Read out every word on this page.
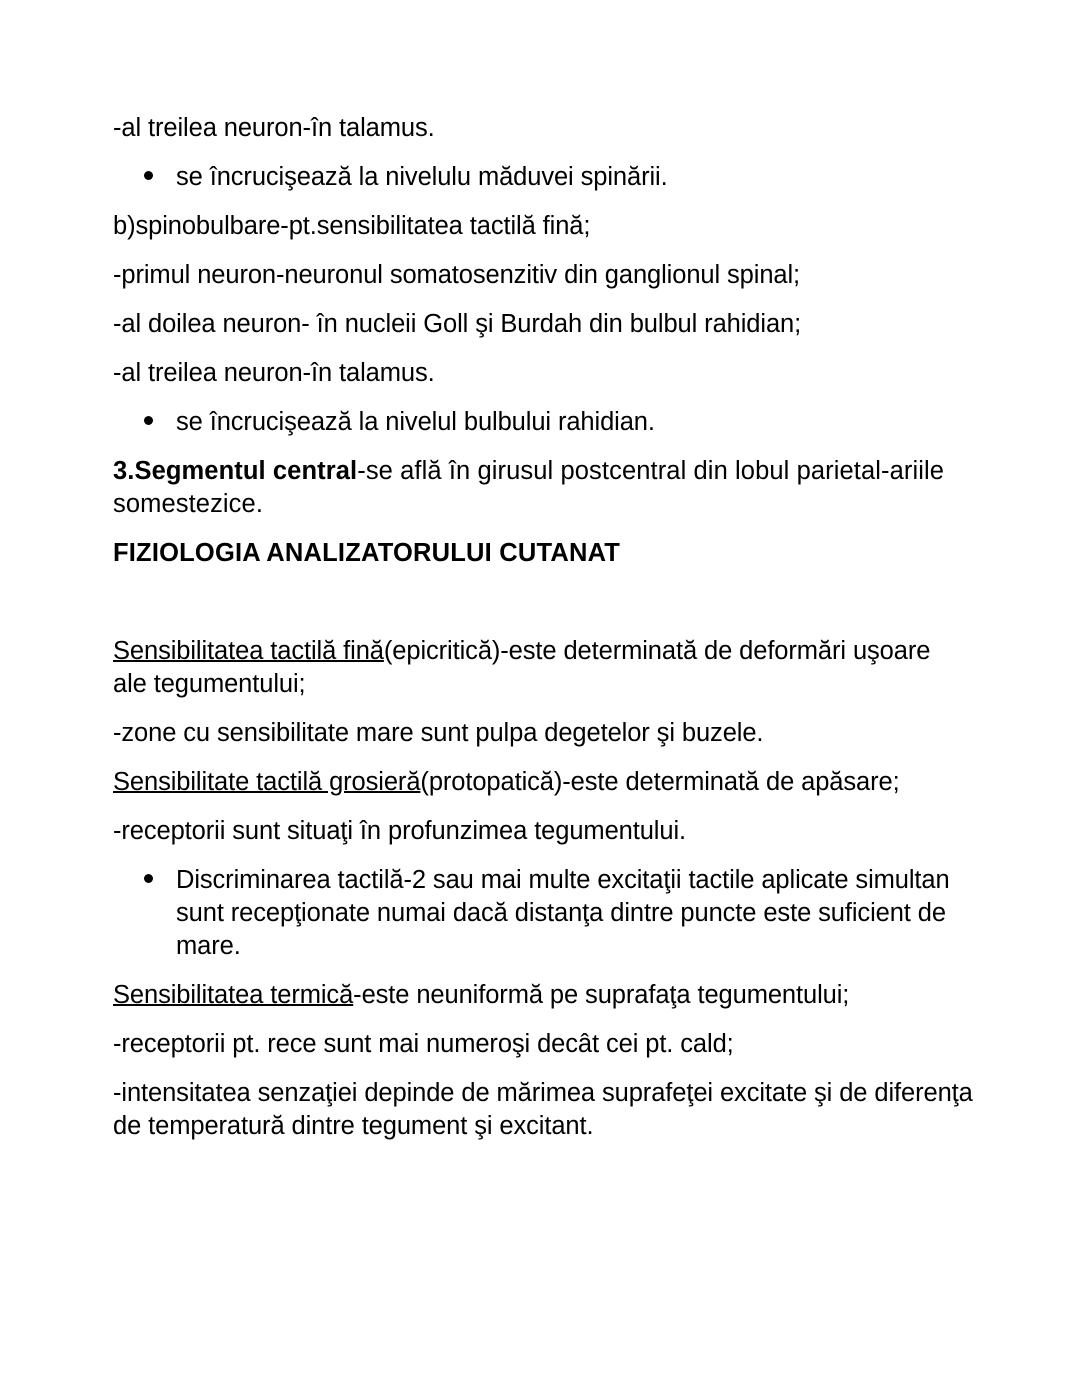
-al treilea neuron-în talamus.

se încrucişează la nivelulu măduvei spinării.

b)spinobulbare-pt.sensibilitatea tactilă fină;

-primul neuron-neuronul somatosenzitiv din ganglionul spinal;

-al doilea neuron- în nucleii Goll şi Burdah din bulbul rahidian;

-al treilea neuron-în talamus.

se încrucişează la nivelul bulbului rahidian.

3.Segmentul central-se află în girusul postcentral din lobul parietal-ariile somestezice.

FIZIOLOGIA ANALIZATORULUI CUTANAT

Sensibilitatea tactilă fină(epicritică)-este determinată de deformări uşoare ale tegumentului;

-zone cu sensibilitate mare sunt pulpa degetelor şi buzele.

Sensibilitate tactilă grosieră(protopatică)-este determinată de apăsare;

-receptorii sunt situaţi în profunzimea tegumentului.

Discriminarea tactilă-2 sau mai multe excitaţii tactile aplicate simultan sunt recepţionate numai dacă distanţa dintre puncte este suficient de mare.

Sensibilitatea termică-este neuniformă pe suprafaţa tegumentului;

-receptorii pt. rece sunt mai numeroşi decât cei pt. cald;

-intensitatea senzaţiei depinde de mărimea suprafeţei excitate şi de diferenţa de temperatură dintre tegument şi excitant.
